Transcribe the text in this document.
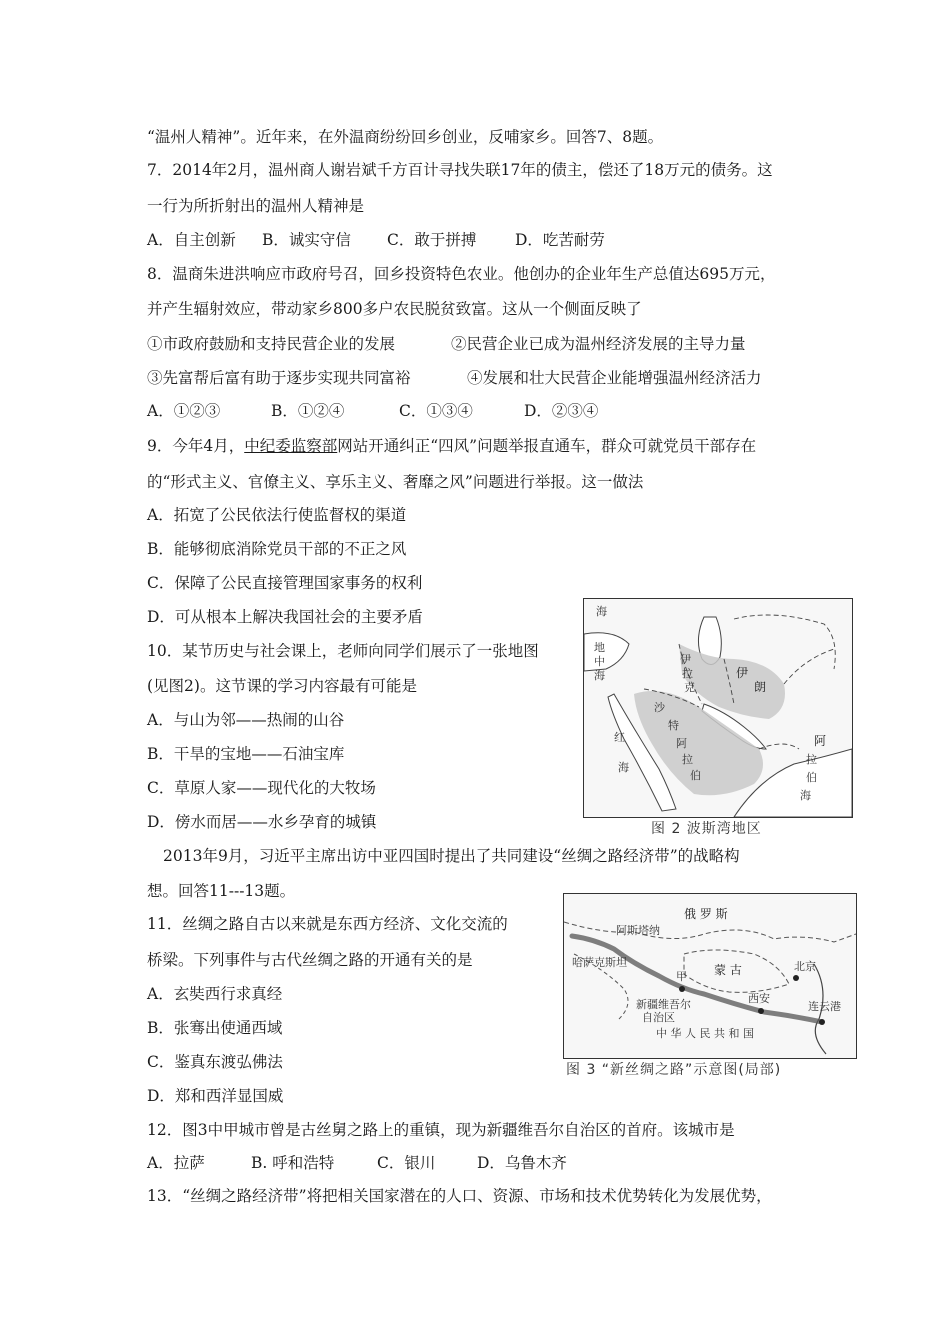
“温州人精神”。近年来，在外温商纷纷回乡创业，反哺家乡。回答7、8题。
7．2014年2月，温州商人谢岩斌千方百计寻找失联17年的债主，偿还了18万元的债务。这
一行为所折射出的温州人精神是
A．自主创新 B．诚实守信 C．敢于拼搏 D．吃苦耐劳
8．温商朱进洪响应市政府号召，回乡投资特色农业。他创办的企业年生产总值达695万元，
并产生辐射效应，带动家乡800多户农民脱贫致富。这从一个侧面反映了
①市政府鼓励和支持民营企业的发展	②民营企业已成为温州经济发展的主导力量
③先富帮后富有助于逐步实现共同富裕	④发展和壮大民营企业能增强温州经济活力
A．①②③	B．①②④	C．①③④	D．②③④
9．今年4月，中纪委监察部网站开通纠正“四风”问题举报直通车，群众可就党员干部存在
的“形式主义、官僚主义、享乐主义、奢靡之风”问题进行举报。这一做法
A．拓宽了公民依法行使监督权的渠道
B．能够彻底消除党员干部的不正之风
C．保障了公民直接管理国家事务的权利
D．可从根本上解决我国社会的主要矛盾
10．某节历史与社会课上，老师向同学们展示了一张地图
(见图2)。这节课的学习内容最有可能是
A．与山为邻——热闹的山谷
B．干旱的宝地——石油宝库
C．草原人家——现代化的大牧场
D．傍水而居——水乡孕育的城镇
2013年9月，习近平主席出访中亚四国时提出了共同建设“丝绸之路经济带”的战略构
想。回答11---13题。
11．丝绸之路自古以来就是东西方经济、文化交流的
桥梁。下列事件与古代丝绸之路的开通有关的是
A．玄奘西行求真经
B．张骞出使通西域
C．鉴真东渡弘佛法
D．郑和西洋显国威
12．图3中甲城市曾是古丝舅之路上的重镇，现为新疆维吾尔自治区的首府。该城市是
A．拉萨	B. 呼和浩特	C．银川	D．乌鲁木齐
13．“丝绸之路经济带”将把相关国家潜在的人口、资源、市场和技术优势转化为发展优势，
海
地
中
海
伊
拉
克
伊
朗
沙
特
阿
拉
伯
红
海
阿
拉
伯
海
图 2 波斯湾地区
俄 罗 斯
阿斯塔纳
哈萨克斯坦
甲 蒙 古	北京
新疆维吾尔
自治区
西安
连云港
中 华 人 民 共 和 国
图 3 “新丝绸之路”示意图(局部)
